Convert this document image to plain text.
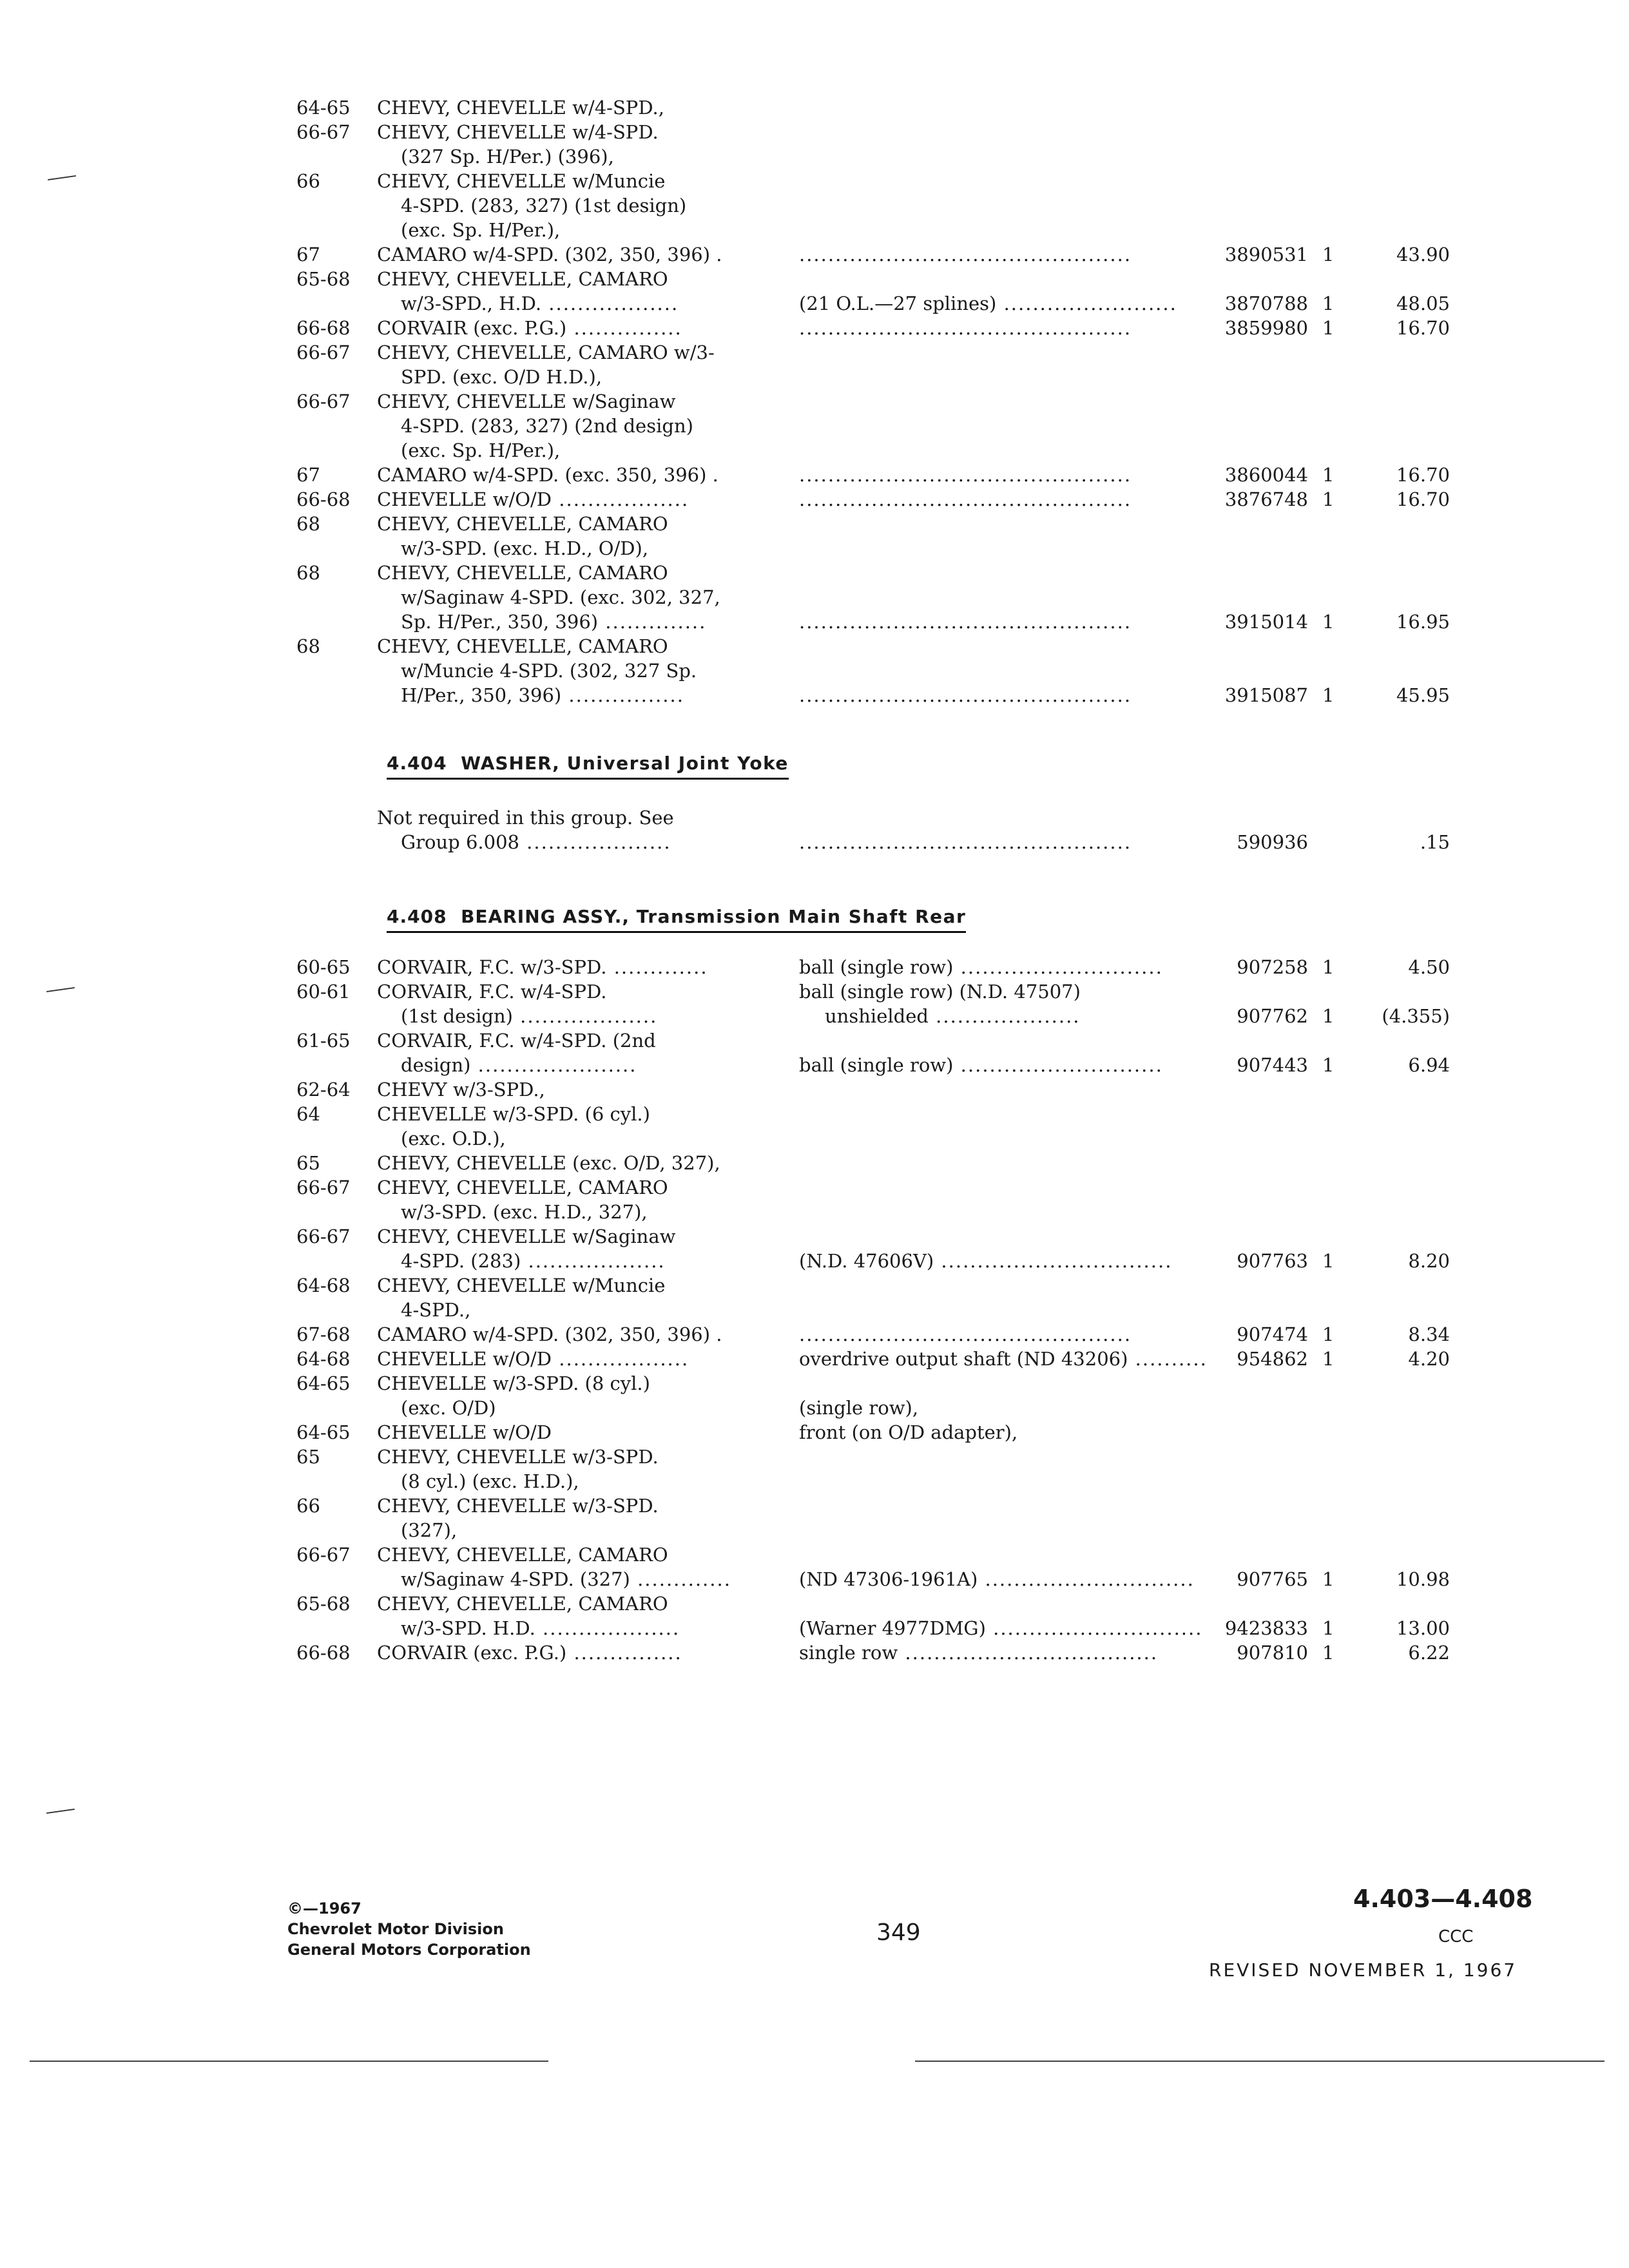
64-65 CHEVY, CHEVELLE w/4-SPD.,
66-67 CHEVY, CHEVELLE w/4-SPD.
(327 Sp. H/Per.) (396),
66	CHEVY, CHEVELLE w/Muncie
4-SPD. (283, 327) (1st design)
(exc. Sp. H/Per.),
67	CAMARO w/4-SPD. (302, 350, 396) .	..............................................	3890531 1	43.90
65-68 CHEVY, CHEVELLE, CAMARO
w/3-SPD., H.D. ..................	(21 O.L.—27 splines) ........................	3870788 1	48.05
66-68 CORVAIR (exc. P.G.) ...............	..............................................	3859980 1	16.70
66-67 CHEVY, CHEVELLE, CAMARO w/3-
SPD. (exc. O/D H.D.),
66-67 CHEVY, CHEVELLE w/Saginaw
4-SPD. (283, 327) (2nd design)
(exc. Sp. H/Per.),
67	CAMARO w/4-SPD. (exc. 350, 396) .	..............................................	3860044 1	16.70
66-68 CHEVELLE w/O/D ..................	..............................................	3876748 1	16.70
68	CHEVY, CHEVELLE, CAMARO
w/3-SPD. (exc. H.D., O/D),
68	CHEVY, CHEVELLE, CAMARO
w/Saginaw 4-SPD. (exc. 302, 327,
Sp. H/Per., 350, 396) ..............	..............................................	3915014 1	16.95
68	CHEVY, CHEVELLE, CAMARO
w/Muncie 4-SPD. (302, 327 Sp.
H/Per., 350, 396) ................	..............................................	3915087 1	45.95
4.404 WASHER, Universal Joint Yoke
Not required in this group. See
Group 6.008 ....................	..............................................	590936	.15
4.408 BEARING ASSY., Transmission Main Shaft Rear
60-65 CORVAIR, F.C. w/3-SPD. .............	ball (single row) ............................	907258 1	4.50
60-61 CORVAIR, F.C. w/4-SPD.	ball (single row) (N.D. 47507)
(1st design) ...................	unshielded ....................	907762 1	(4.355)
61-65 CORVAIR, F.C. w/4-SPD. (2nd
design) ......................	ball (single row) ............................	907443 1	6.94
62-64 CHEVY w/3-SPD.,
64	CHEVELLE w/3-SPD. (6 cyl.)
(exc. O.D.),
65	CHEVY, CHEVELLE (exc. O/D, 327),
66-67 CHEVY, CHEVELLE, CAMARO
w/3-SPD. (exc. H.D., 327),
66-67 CHEVY, CHEVELLE w/Saginaw
4-SPD. (283) ...................	(N.D. 47606V) ................................	907763 1	8.20
64-68 CHEVY, CHEVELLE w/Muncie
4-SPD.,
67-68 CAMARO w/4-SPD. (302, 350, 396) .	..............................................	907474 1	8.34
64-68 CHEVELLE w/O/D ..................	overdrive output shaft (ND 43206) ..........	954862 1	4.20
64-65 CHEVELLE w/3-SPD. (8 cyl.)
(exc. O/D)	(single row),
64-65 CHEVELLE w/O/D	front (on O/D adapter),
65	CHEVY, CHEVELLE w/3-SPD.
(8 cyl.) (exc. H.D.),
66	CHEVY, CHEVELLE w/3-SPD.
(327),
66-67 CHEVY, CHEVELLE, CAMARO
w/Saginaw 4-SPD. (327) .............	(ND 47306-1961A) .............................	907765 1	10.98
65-68 CHEVY, CHEVELLE, CAMARO
w/3-SPD. H.D. ...................	(Warner 4977DMG) .............................	9423833 1	13.00
66-68 CORVAIR (exc. P.G.) ...............	single row ...................................	907810 1	6.22
©—1967
Chevrolet Motor Division
General Motors Corporation
349
4.403—4.408
CCC
REVISED NOVEMBER 1, 1967
